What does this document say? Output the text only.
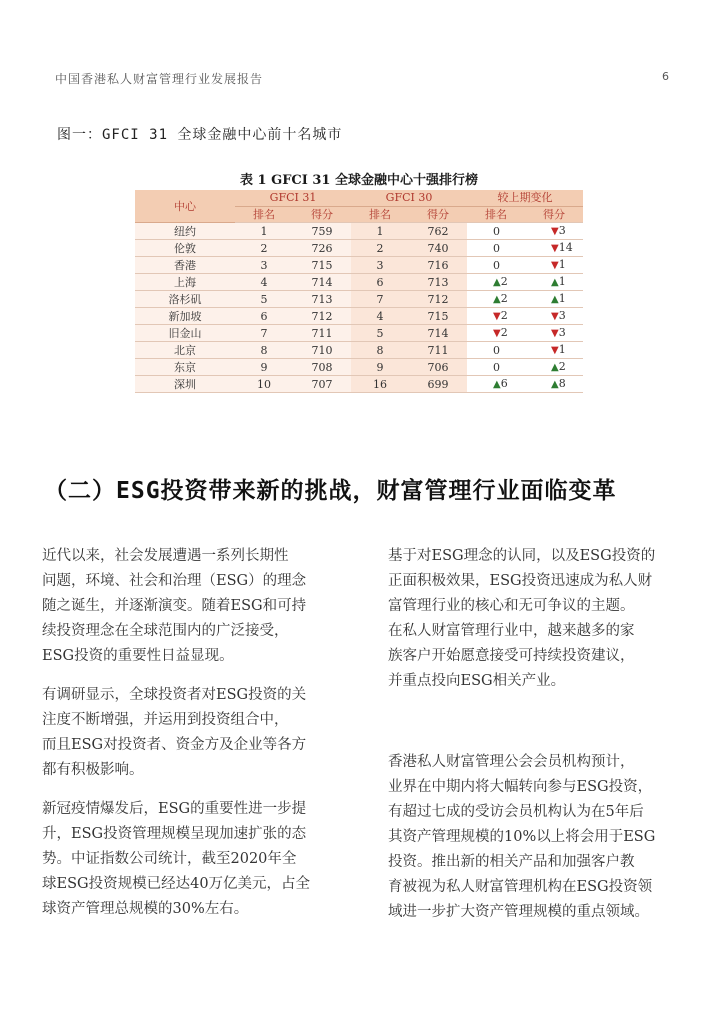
中国香港私人财富管理行业发展报告	6
图一：GFCI 31 全球金融中心前十名城市
表 1 GFCI 31 全球金融中心十强排行榜
中心	GFCI 31		GFCI 30		较上期变化	
	排名	得分	排名	得分	排名	得分
纽约	1	759	1	762	0	▼3
伦敦	2	726	2	740	0	▼14
香港	3	715	3	716	0	▼1
上海	4	714	6	713	▲2	▲1
洛杉矶	5	713	7	712	▲2	▲1
新加坡	6	712	4	715	▼2	▼3
旧金山	7	711	5	714	▼2	▼3
北京	8	710	8	711	0	▼1
东京	9	708	9	706	0	▲2
深圳	10	707	16	699	▲6	▲8
（二）ESG投资带来新的挑战，财富管理行业面临变革

近代以来，社会发展遭遇一系列长期性
问题，环境、社会和治理（ESG）的理念
随之诞生，并逐渐演变。随着ESG和可持
续投资理念在全球范围内的广泛接受，
ESG投资的重要性日益显现。

有调研显示，全球投资者对ESG投资的关
注度不断增强，并运用到投资组合中，
而且ESG对投资者、资金方及企业等各方
都有积极影响。

新冠疫情爆发后，ESG的重要性进一步提
升，ESG投资管理规模呈现加速扩张的态
势。中证指数公司统计，截至2020年全
球ESG投资规模已经达40万亿美元，占全
球资产管理总规模的30%左右。

基于对ESG理念的认同，以及ESG投资的
正面积极效果，ESG投资迅速成为私人财
富管理行业的核心和无可争议的主题。
在私人财富管理行业中，越来越多的家
族客户开始愿意接受可持续投资建议，
并重点投向ESG相关产业。

香港私人财富管理公会会员机构预计，
业界在中期内将大幅转向参与ESG投资，
有超过七成的受访会员机构认为在5年后
其资产管理规模的10%以上将会用于ESG
投资。推出新的相关产品和加强客户教
育被视为私人财富管理机构在ESG投资领
域进一步扩大资产管理规模的重点领域。
